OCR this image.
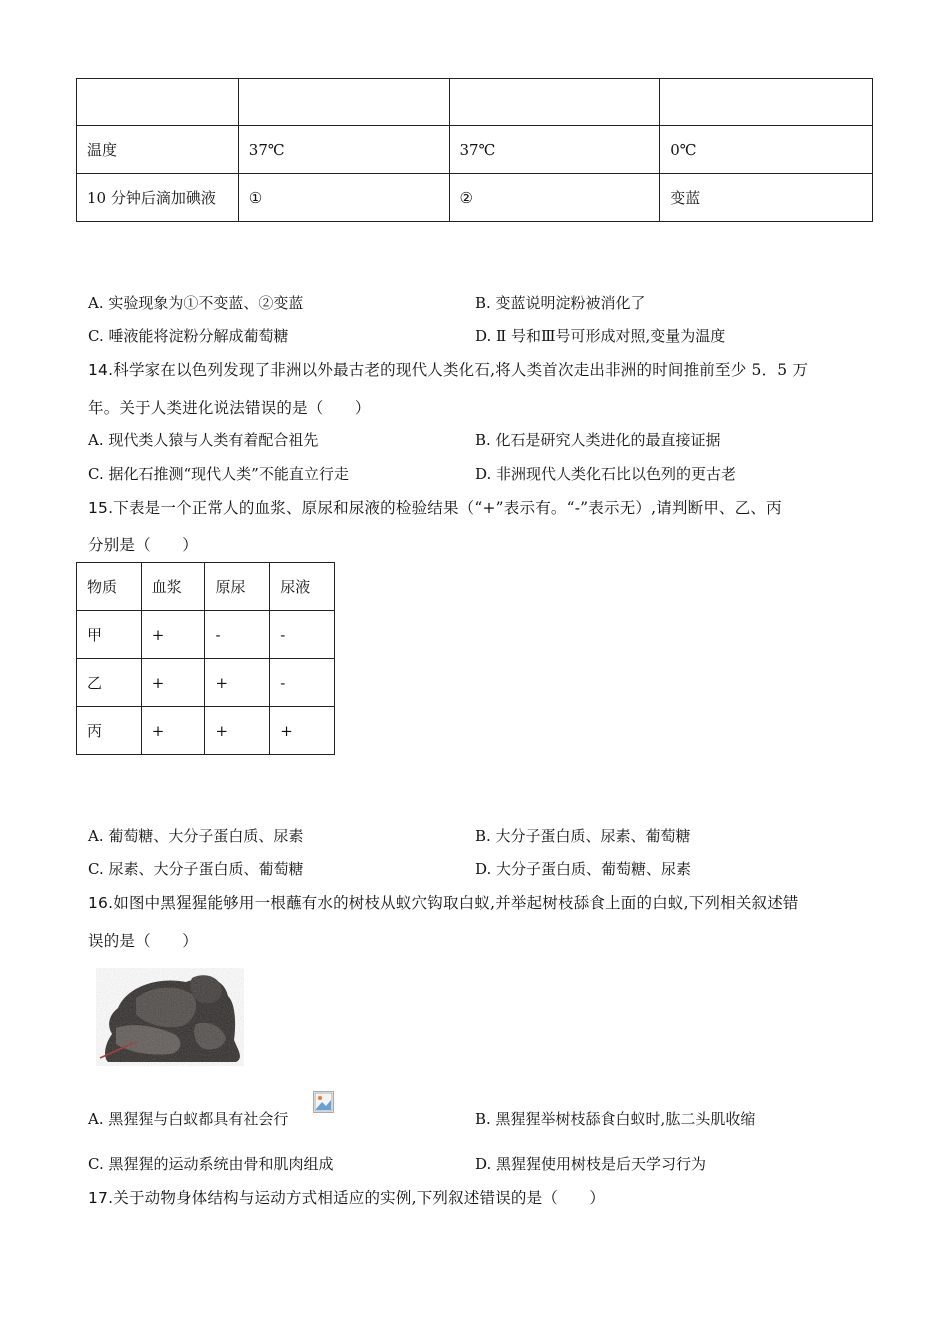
温度	37℃	37℃	0℃
10 分钟后滴加碘液	①	②	变蓝
A. 实验现象为①不变蓝、②变蓝	B. 变蓝说明淀粉被消化了
C. 唾液能将淀粉分解成葡萄糖	D. Ⅱ 号和Ⅲ号可形成对照,变量为温度
14.科学家在以色列发现了非洲以外最古老的现代人类化石,将人类首次走出非洲的时间推前至少 5．5 万
年。关于人类进化说法错误的是（　　）
A. 现代类人猿与人类有着配合祖先	B. 化石是研究人类进化的最直接证据
C. 据化石推测“现代人类”不能直立行走	D. 非洲现代人类化石比以色列的更古老
15.下表是一个正常人的血浆、原尿和尿液的检验结果（“+”表示有。“-”表示无）,请判断甲、乙、丙
分别是（　　）
物质	血浆	原尿	尿液
甲	+	-	-
乙	+	+	-
丙	+	+	+
A. 葡萄糖、大分子蛋白质、尿素	B. 大分子蛋白质、尿素、葡萄糖
C. 尿素、大分子蛋白质、葡萄糖	D. 大分子蛋白质、葡萄糖、尿素
16.如图中黑猩猩能够用一根蘸有水的树枝从蚁穴钩取白蚁,并举起树枝舔食上面的白蚁,下列相关叙述错
误的是（　　）
A. 黑猩猩与白蚁都具有社会行	B. 黑猩猩举树枝舔食白蚁时,肱二头肌收缩
C. 黑猩猩的运动系统由骨和肌肉组成	D. 黑猩猩使用树枝是后天学习行为
17.关于动物身体结构与运动方式相适应的实例,下列叙述错误的是（　　）
